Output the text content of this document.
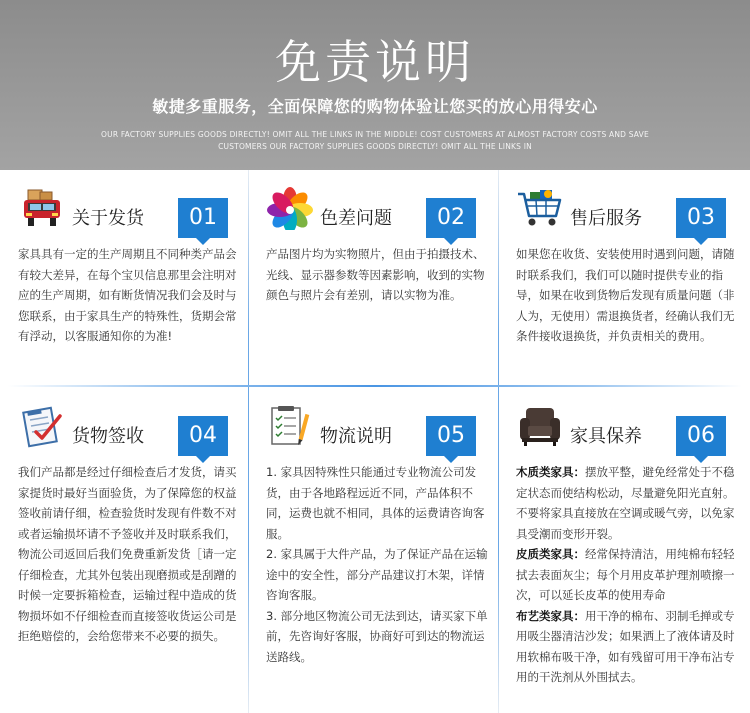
免责说明
敏捷多重服务，全面保障您的购物体验让您买的放心用得安心
OUR FACTORY SUPPLIES GOODS DIRECTLY! OMIT ALL THE LINKS IN THE MIDDLE! COST CUSTOMERS AT ALMOST FACTORY COSTS AND SAVE CUSTOMERS OUR FACTORY SUPPLIES GOODS DIRECTLY! OMIT ALL THE LINKS IN
关于发货	01

家具具有一定的生产周期且不同种类产品会有较大差异，在每个宝贝信息那里会注明对应的生产周期，如有断货情况我们会及时与您联系，由于家具生产的特殊性，货期会常有浮动，以客服通知你的为准!

色差问题	02

产品图片均为实物照片，但由于拍摄技术、光线、显示器参数等因素影响，收到的实物颜色与照片会有差别，请以实物为准。

售后服务	03

如果您在收货、安装使用时遇到问题，请随时联系我们，我们可以随时提供专业的指导，如果在收到货物后发现有质量问题（非人为，无使用）需退换货者，经确认我们无条件接收退换货，并负责相关的费用。

货物签收	04

我们产品都是经过仔细检查后才发货，请买家提货时最好当面验货，为了保障您的权益签收前请仔细，检查验货时发现有件数不对或者运输损坏请不予签收并及时联系我们，物流公司返回后我们免费重新发货［请一定仔细检查，尤其外包装出现磨损或是刮蹭的时候一定要拆箱检查，运输过程中造成的货物损坏如不仔细检查而直接签收货运公司是拒绝赔偿的，会给您带来不必要的损失。

物流说明	05

1. 家具因特殊性只能通过专业物流公司发货，由于各地路程远近不同，产品体积不同，运费也就不相同，具体的运费请咨询客服。

2. 家具属于大件产品，为了保证产品在运输途中的安全性，部分产品建议打木架，详情咨询客服。

3. 部分地区物流公司无法到达，请买家下单前，先咨询好客服，协商好可到达的物流运送路线。

家具保养	06

木质类家具：摆放平整，避免经常处于不稳定状态而使结构松动，尽量避免阳光直射。不要将家具直接放在空调或暖气旁，以免家具受潮而变形开裂。

皮质类家具：经常保持清洁，用纯棉布轻轻拭去表面灰尘；每个月用皮革护理剂喷擦一次，可以延长皮革的使用寿命

布艺类家具：用干净的棉布、羽制毛掸或专用吸尘器清洁沙发；如果洒上了液体请及时用软棉布吸干净，如有残留可用干净布沾专用的干洗剂从外围拭去。
